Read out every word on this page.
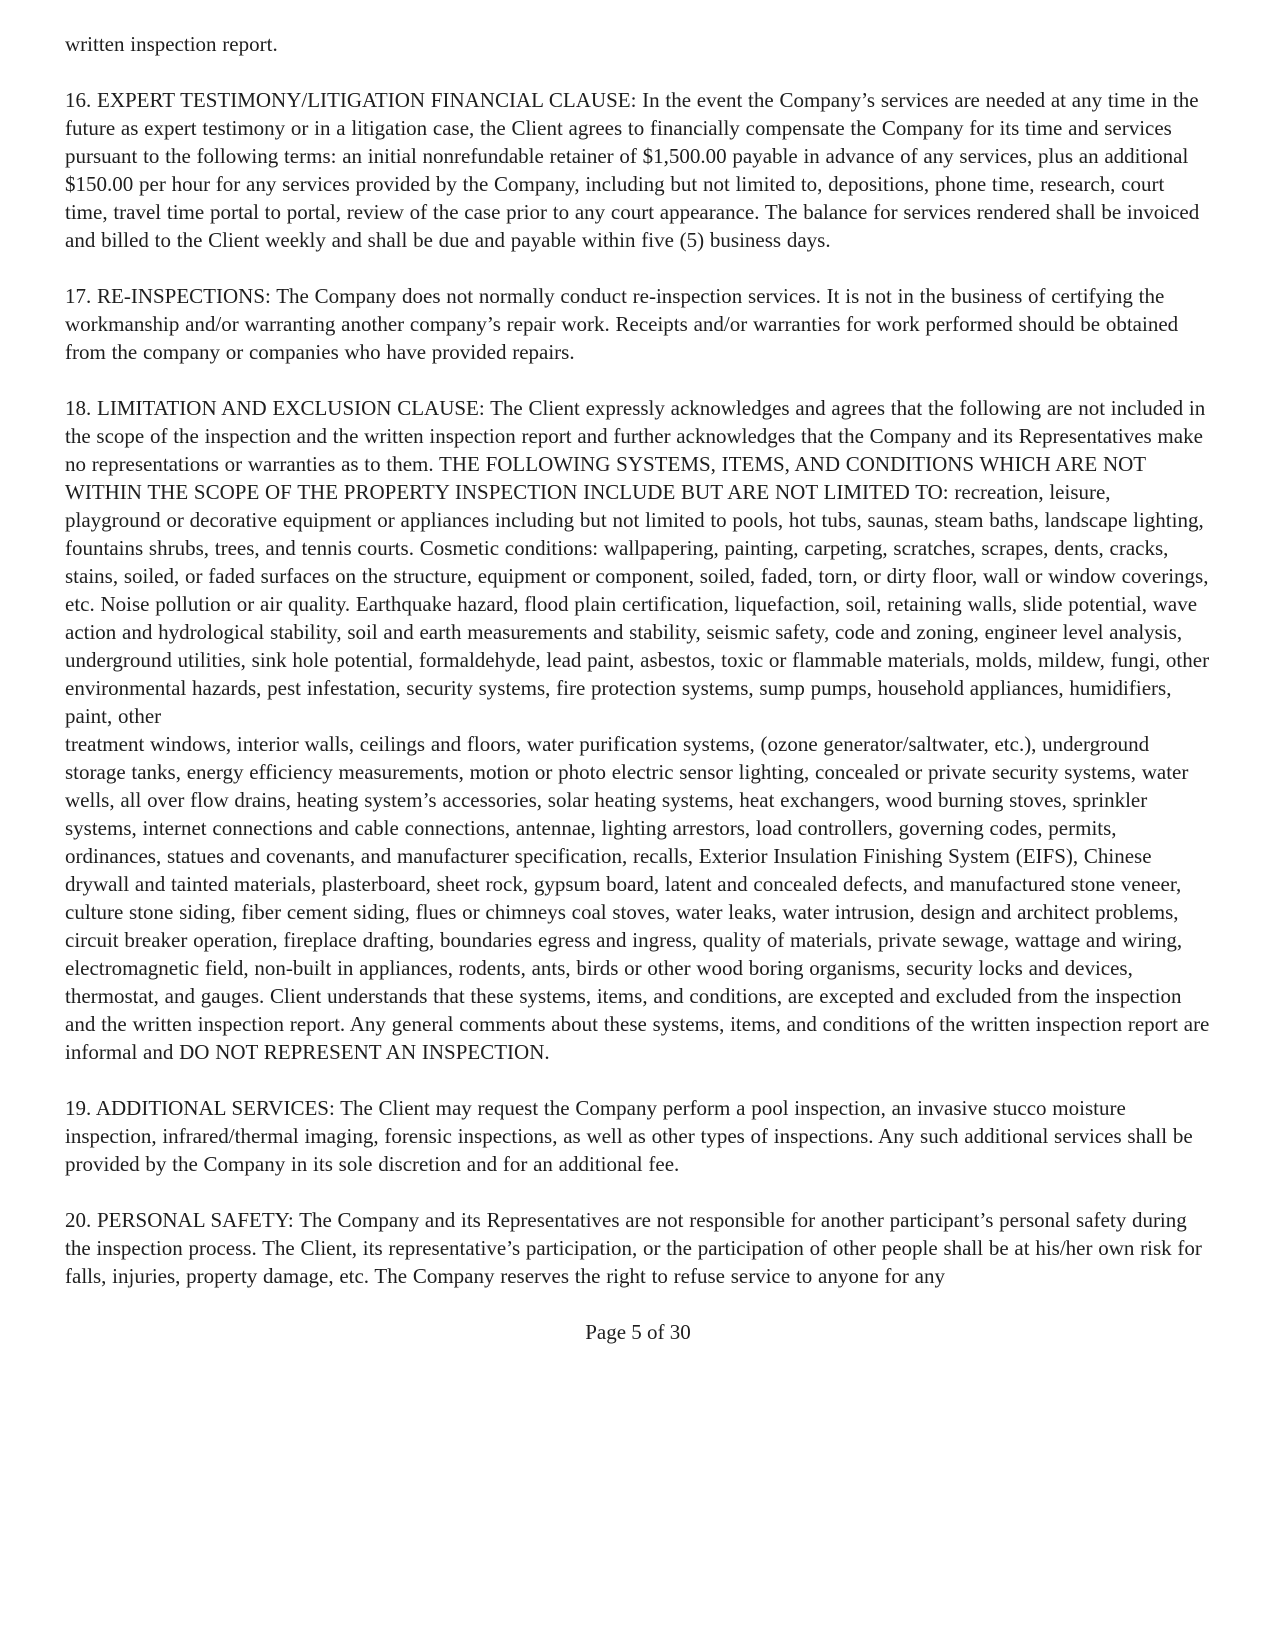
written inspection report.

16. EXPERT TESTIMONY/LITIGATION FINANCIAL CLAUSE: In the event the Company’s services are needed at any time in the future as expert testimony or in a litigation case, the Client agrees to financially compensate the Company for its time and services pursuant to the following terms: an initial nonrefundable retainer of $1,500.00 payable in advance of any services, plus an additional $150.00 per hour for any services provided by the Company, including but not limited to, depositions, phone time, research, court time, travel time portal to portal, review of the case prior to any court appearance. The balance for services rendered shall be invoiced and billed to the Client weekly and shall be due and payable within five (5) business days.

17. RE-INSPECTIONS: The Company does not normally conduct re-inspection services. It is not in the business of certifying the workmanship and/or warranting another company’s repair work. Receipts and/or warranties for work performed should be obtained from the company or companies who have provided repairs.

18. LIMITATION AND EXCLUSION CLAUSE: The Client expressly acknowledges and agrees that the following are not included in the scope of the inspection and the written inspection report and further acknowledges that the Company and its Representatives make no representations or warranties as to them. THE FOLLOWING SYSTEMS, ITEMS, AND CONDITIONS WHICH ARE NOT WITHIN THE SCOPE OF THE PROPERTY INSPECTION INCLUDE BUT ARE NOT LIMITED TO: recreation, leisure, playground or decorative equipment or appliances including but not limited to pools, hot tubs, saunas, steam baths, landscape lighting, fountains shrubs, trees, and tennis courts. Cosmetic conditions: wallpapering, painting, carpeting, scratches, scrapes, dents, cracks, stains, soiled, or faded surfaces on the structure, equipment or component, soiled, faded, torn, or dirty floor, wall or window coverings, etc. Noise pollution or air quality. Earthquake hazard, flood plain certification, liquefaction, soil, retaining walls, slide potential, wave action and hydrological stability, soil and earth measurements and stability, seismic safety, code and zoning, engineer level analysis, underground utilities, sink hole potential, formaldehyde, lead paint, asbestos, toxic or flammable materials, molds, mildew, fungi, other environmental hazards, pest infestation, security systems, fire protection systems, sump pumps, household appliances, humidifiers, paint, other
treatment windows, interior walls, ceilings and floors, water purification systems, (ozone generator/saltwater, etc.), underground storage tanks, energy efficiency measurements, motion or photo electric sensor lighting, concealed or private security systems, water wells, all over flow drains, heating system’s accessories, solar heating systems, heat exchangers, wood burning stoves, sprinkler systems, internet connections and cable connections, antennae, lighting arrestors, load controllers, governing codes, permits, ordinances, statues and covenants, and manufacturer specification, recalls, Exterior Insulation Finishing System (EIFS), Chinese drywall and tainted materials, plasterboard, sheet rock, gypsum board, latent and concealed defects, and manufactured stone veneer, culture stone siding, fiber cement siding, flues or chimneys coal stoves, water leaks, water intrusion, design and architect problems, circuit breaker operation, fireplace drafting, boundaries egress and ingress, quality of materials, private sewage, wattage and wiring, electromagnetic field, non-built in appliances, rodents, ants, birds or other wood boring organisms, security locks and devices, thermostat, and gauges. Client understands that these systems, items, and conditions, are excepted and excluded from the inspection and the written inspection report. Any general comments about these systems, items, and conditions of the written inspection report are informal and DO NOT REPRESENT AN INSPECTION.

19. ADDITIONAL SERVICES: The Client may request the Company perform a pool inspection, an invasive stucco moisture inspection, infrared/thermal imaging, forensic inspections, as well as other types of inspections. Any such additional services shall be provided by the Company in its sole discretion and for an additional fee.

20. PERSONAL SAFETY: The Company and its Representatives are not responsible for another participant’s personal safety during the inspection process. The Client, its representative’s participation, or the participation of other people shall be at his/her own risk for falls, injuries, property damage, etc. The Company reserves the right to refuse service to anyone for any

Page 5 of 30
